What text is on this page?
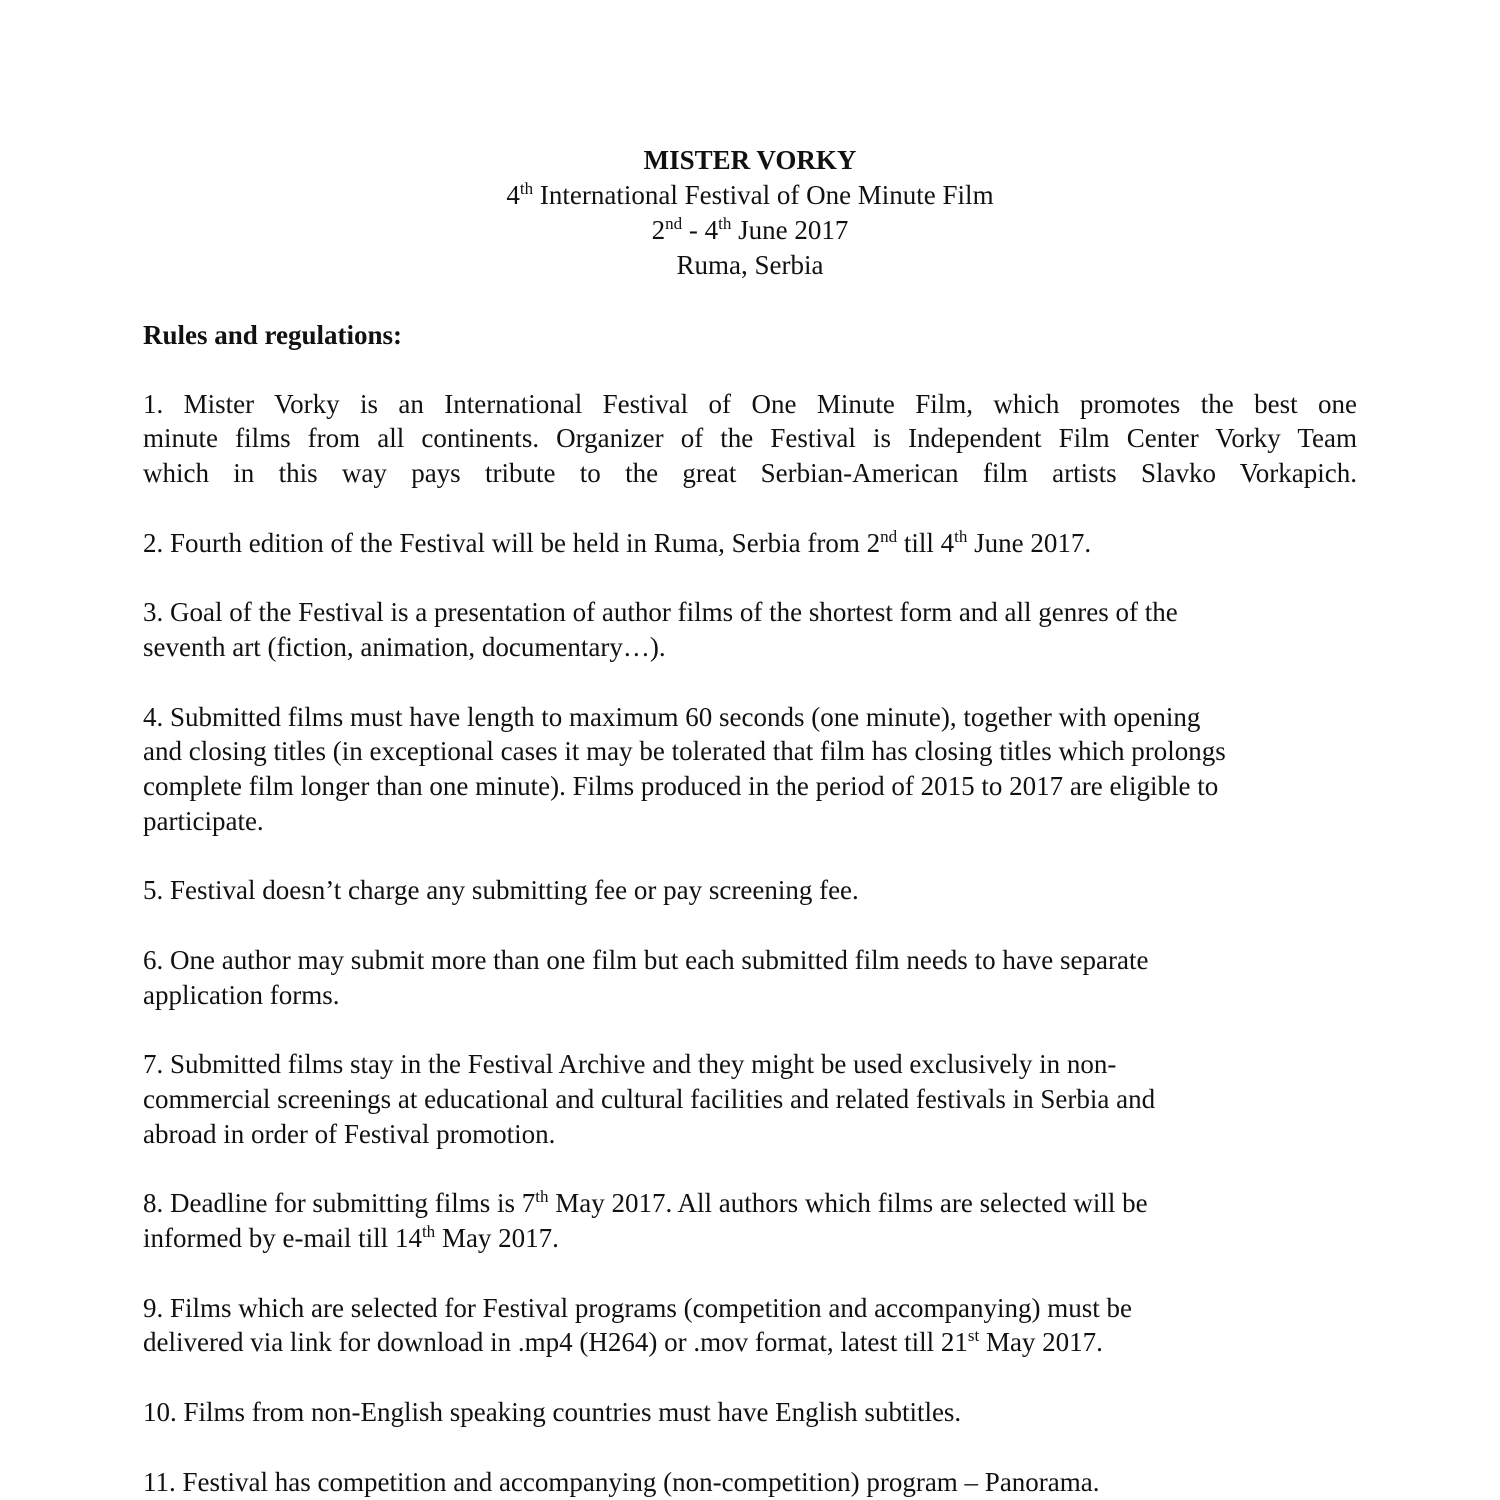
MISTER VORKY
4th International Festival of One Minute Film
2nd - 4th June 2017
Ruma, Serbia
Rules and regulations:
1. Mister Vorky is an International Festival of One Minute Film, which promotes the best one
minute films from all continents. Organizer of the Festival is Independent Film Center Vorky Team
which in this way pays tribute to the great Serbian-American film artists Slavko Vorkapich.
2. Fourth edition of the Festival will be held in Ruma, Serbia from 2nd till 4th June 2017.
3. Goal of the Festival is a presentation of author films of the shortest form and all genres of the
seventh art (fiction, animation, documentary…).
4. Submitted films must have length to maximum 60 seconds (one minute), together with opening
and closing titles (in exceptional cases it may be tolerated that film has closing titles which prolongs
complete film longer than one minute). Films produced in the period of 2015 to 2017 are eligible to
participate.
5. Festival doesn’t charge any submitting fee or pay screening fee.
6. One author may submit more than one film but each submitted film needs to have separate
application forms.
7. Submitted films stay in the Festival Archive and they might be used exclusively in non-
commercial screenings at educational and cultural facilities and related festivals in Serbia and
abroad in order of Festival promotion.
8. Deadline for submitting films is 7th May 2017. All authors which films are selected will be
informed by e-mail till 14th May 2017.
9. Films which are selected for Festival programs (competition and accompanying) must be
delivered via link for download in .mp4 (H264) or .mov format, latest till 21st May 2017.
10. Films from non-English speaking countries must have English subtitles.
11. Festival has competition and accompanying (non-competition) program – Panorama.
